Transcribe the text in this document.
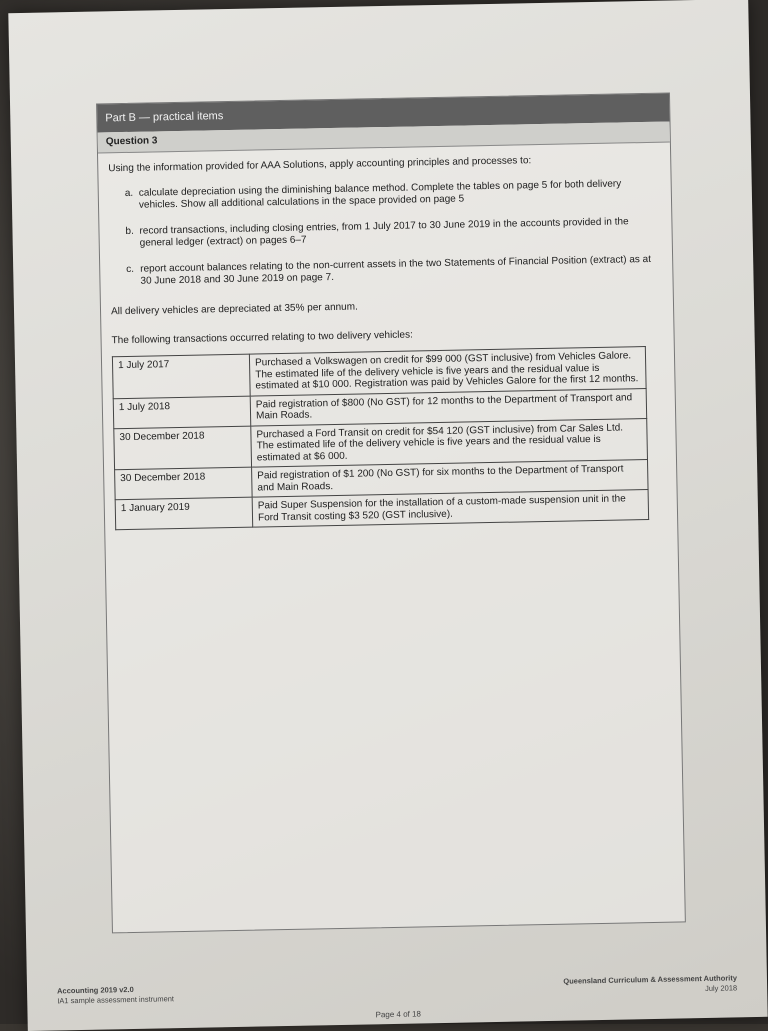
Part B — practical items
Question 3
Using the information provided for AAA Solutions, apply accounting principles and processes to:
a. calculate depreciation using the diminishing balance method. Complete the tables on page 5 for both delivery vehicles. Show all additional calculations in the space provided on page 5
b. record transactions, including closing entries, from 1 July 2017 to 30 June 2019 in the accounts provided in the general ledger (extract) on pages 6–7
c. report account balances relating to the non-current assets in the two Statements of Financial Position (extract) as at 30 June 2018 and 30 June 2019 on page 7.
All delivery vehicles are depreciated at 35% per annum.
The following transactions occurred relating to two delivery vehicles:
1 July 2017	Purchased a Volkswagen on credit for $99 000 (GST inclusive) from Vehicles Galore. The estimated life of the delivery vehicle is five years and the residual value is estimated at $10 000. Registration was paid by Vehicles Galore for the first 12 months.
1 July 2018	Paid registration of $800 (No GST) for 12 months to the Department of Transport and Main Roads.
30 December 2018	Purchased a Ford Transit on credit for $54 120 (GST inclusive) from Car Sales Ltd. The estimated life of the delivery vehicle is five years and the residual value is estimated at $6 000.
30 December 2018	Paid registration of $1 200 (No GST) for six months to the Department of Transport and Main Roads.
1 January 2019	Paid Super Suspension for the installation of a custom-made suspension unit in the Ford Transit costing $3 520 (GST inclusive).
Accounting 2019 v2.0
IA1 sample assessment instrument
Queensland Curriculum & Assessment Authority
July 2018
Page 4 of 18
